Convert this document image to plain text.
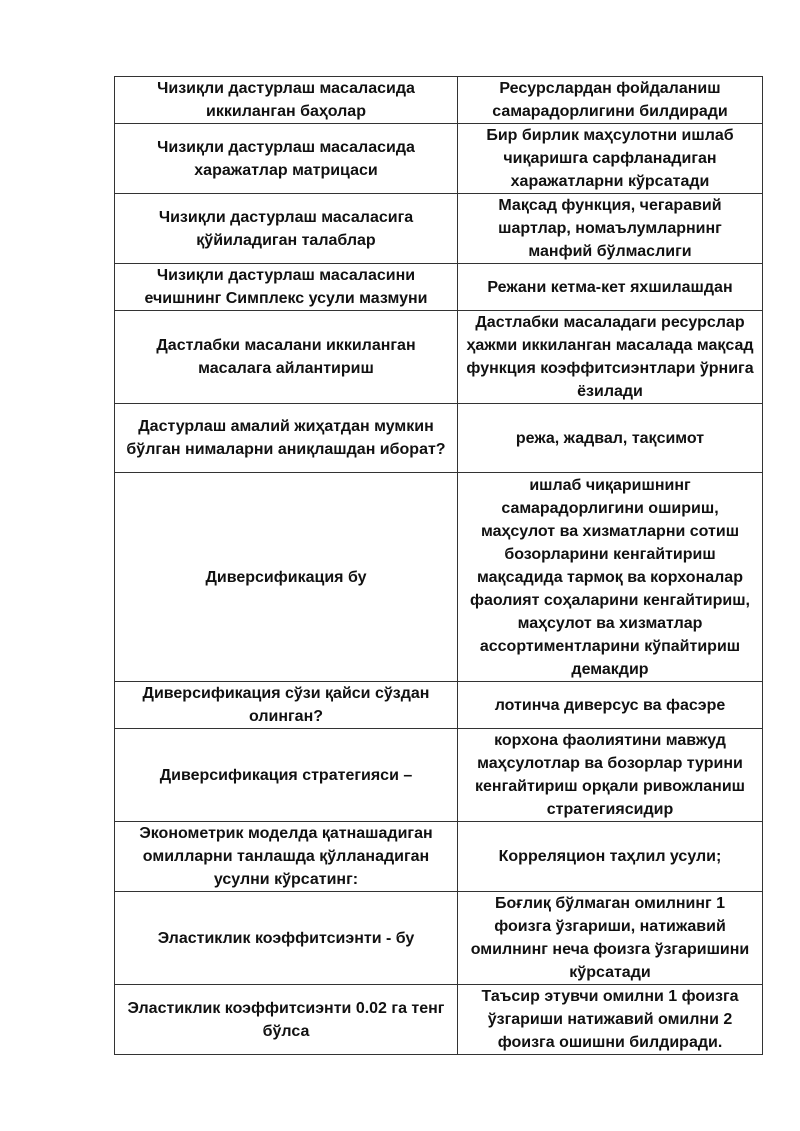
Чизиқли дастурлаш масаласида иккиланган баҳолар	Ресурслардан фойдаланиш самарадорлигини билдиради
Чизиқли дастурлаш масаласида харажатлар матрицаси	Бир бирлик маҳсулотни ишлаб чиқаришга сарфланадиган харажатларни кўрсатади
Чизиқли дастурлаш масаласига қўйиладиган талаблар	Мақсад функция, чегаравий шартлар, номаълумларнинг манфий бўлмаслиги
Чизиқли дастурлаш масаласини ечишнинг Симплекс усули мазмуни	Режани кетма-кет яхшилашдан
Дастлабки масалани иккиланган масалага айлантириш	Дастлабки масаладаги ресурслар ҳажми иккиланган масалада мақсад функция коэффитсиэнтлари ўрнига ёзилади
Дастурлаш амалий жиҳатдан мумкин бўлган нималарни аниқлашдан иборат?	режа, жадвал, тақсимот
Диверсификация бу	ишлаб чиқаришнинг самарадорлигини ошириш, маҳсулот ва хизматларни сотиш бозорларини кенгайтириш мақсадида тармоқ ва корхоналар фаолият соҳаларини кенгайтириш, маҳсулот ва хизматлар ассортиментларини кўпайтириш демакдир
Диверсификация сўзи қайси сўздан олинган?	лотинча диверсус ва фасэре
Диверсификация стратегияси –	корхона фаолиятини мавжуд маҳсулотлар ва бозорлар турини кенгайтириш орқали ривожланиш стратегиясидир
Эконометрик моделда қатнашадиган омилларни танлашда қўлланадиган усулни кўрсатинг:	Корреляцион таҳлил усули;
Эластиклик коэффитсиэнти - бу	Боғлиқ бўлмаган омилнинг 1 фоизга ўзгариши, натижавий омилнинг неча фоизга ўзгаришини кўрсатади
Эластиклик коэффитсиэнти 0.02 га тенг бўлса	Таъсир этувчи омилни 1 фоизга ўзгариши натижавий омилни 2 фоизга ошишни билдиради.
